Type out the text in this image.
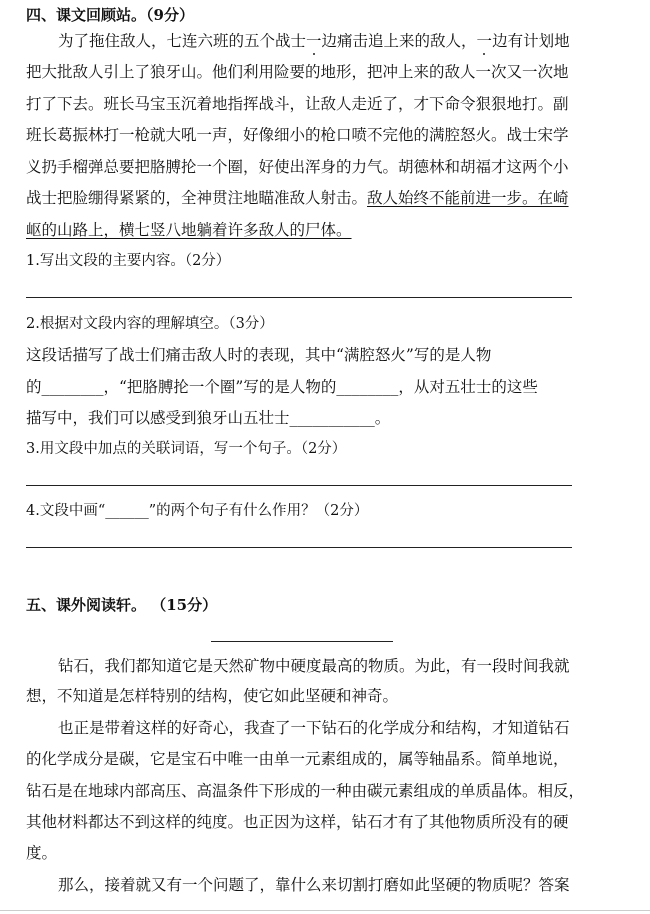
四、课文回顾站。（9分）
为了拖住敌人，七连六班的五个战士一边痛击追上来的敌人，一边有计划地
把大批敌人引上了狼牙山。他们利用险要的地形，把冲上来的敌人一次又一次地
打了下去。班长马宝玉沉着地指挥战斗，让敌人走近了，才下命令狠狠地打。副
班长葛振林打一枪就大吼一声，好像细小的枪口喷不完他的满腔怒火。战士宋学
义扔手榴弹总要把胳膊抡一个圈，好使出浑身的力气。胡德林和胡福才这两个小
战士把脸绷得紧紧的，全神贯注地瞄准敌人射击。敌人始终不能前进一步。在崎
岖的山路上，横七竖八地躺着许多敌人的尸体。
1.写出文段的主要内容。（2分）
2.根据对文段内容的理解填空。（3分）
这段话描写了战士们痛击敌人时的表现，其中“满腔怒火”写的是人物
的________，“把胳膊抡一个圈”写的是人物的________，从对五壮士的这些
描写中，我们可以感受到狼牙山五壮士___________。
3.用文段中加点的关联词语，写一个句子。（2分）
4.文段中画“______”的两个句子有什么作用？（2分）
五、课外阅读轩。 （15分）
钻石，我们都知道它是天然矿物中硬度最高的物质。为此，有一段时间我就
想，不知道是怎样特别的结构，使它如此坚硬和神奇。
也正是带着这样的好奇心，我查了一下钻石的化学成分和结构，才知道钻石
的化学成分是碳，它是宝石中唯一由单一元素组成的，属等轴晶系。简单地说，
钻石是在地球内部高压、高温条件下形成的一种由碳元素组成的单质晶体。相反，
其他材料都达不到这样的纯度。也正因为这样，钻石才有了其他物质所没有的硬
度。
那么，接着就又有一个问题了，靠什么来切割打磨如此坚硬的物质呢？答案
